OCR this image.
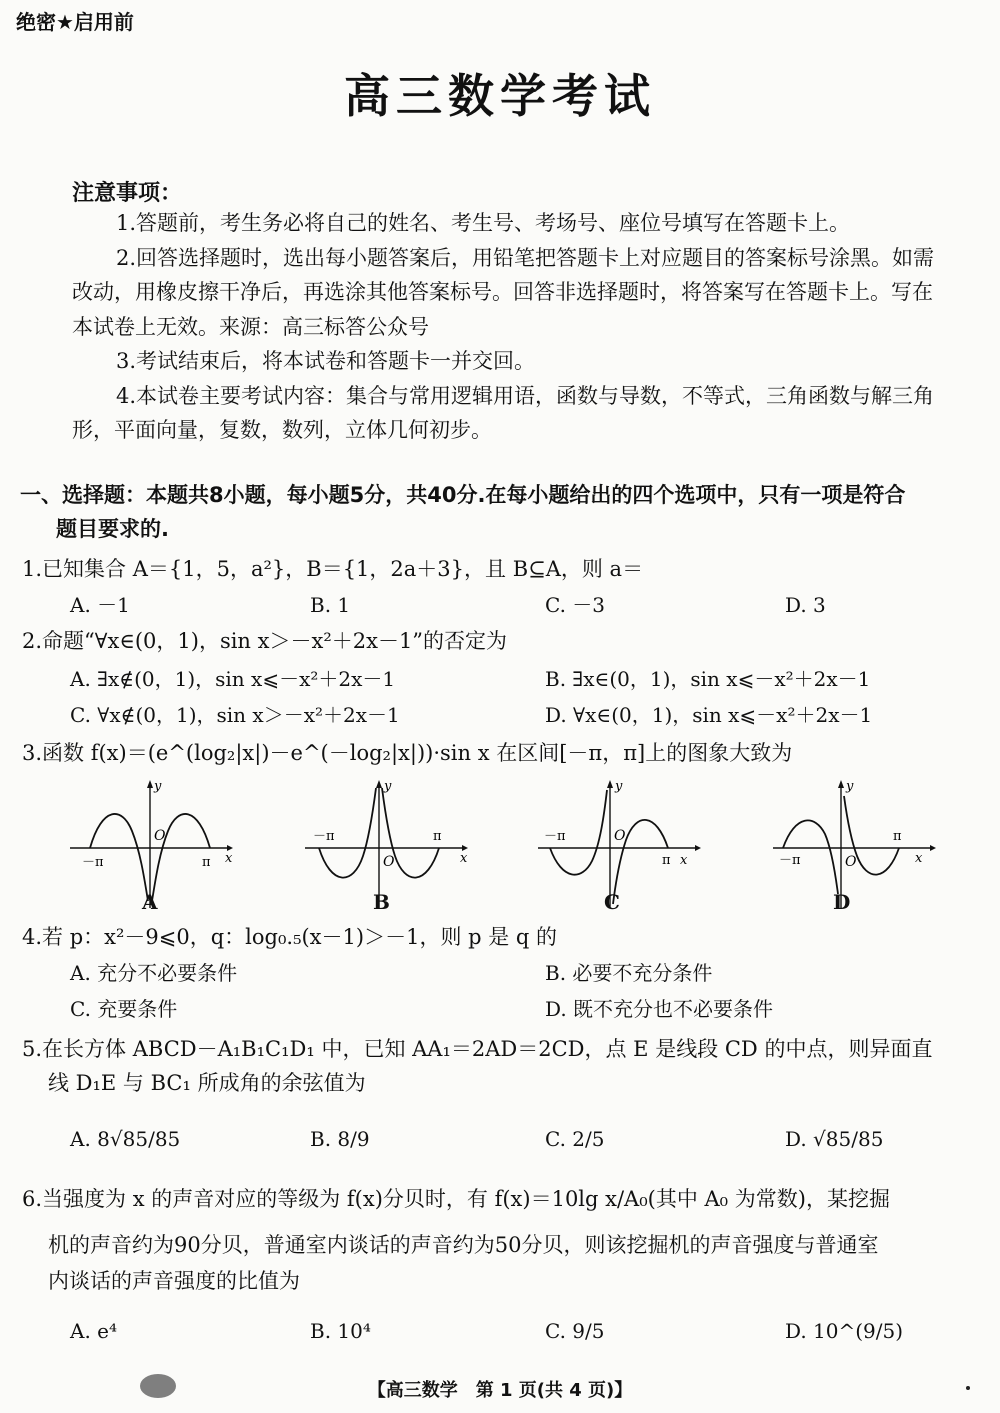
绝密★启用前
高三数学考试
注意事项：

1.答题前，考生务必将自己的姓名、考生号、考场号、座位号填写在答题卡上。

2.回答选择题时，选出每小题答案后，用铅笔把答题卡上对应题目的答案标号涂黑。如需改动，用橡皮擦干净后，再选涂其他答案标号。回答非选择题时，将答案写在答题卡上。写在本试卷上无效。来源：高三标答公众号

3.考试结束后，将本试卷和答题卡一并交回。

4.本试卷主要考试内容：集合与常用逻辑用语，函数与导数，不等式，三角函数与解三角形，平面向量，复数，数列，立体几何初步。

一、选择题：本题共8小题，每小题5分，共40分.在每小题给出的四个选项中，只有一项是符合
题目要求的.
1.已知集合 A＝{1，5，a²}，B＝{1，2a＋3}，且 B⊆A，则 a＝
A. －1	B. 1	C. －3	D. 3
2.命题“∀x∈(0，1)，sin x＞－x²＋2x－1”的否定为
A. ∃x∉(0，1)，sin x⩽－x²＋2x－1	B. ∃x∈(0，1)，sin x⩽－x²＋2x－1
C. ∀x∉(0，1)，sin x＞－x²＋2x－1	D. ∀x∈(0，1)，sin x⩽－x²＋2x－1
3.函数 f(x)＝(e^(log₂|x|)－e^(－log₂|x|))·sin x 在区间[－π，π]上的图象大致为
y
O
－π	π x
A
y
O
－π	π
x
B
y
O
－π
π x
C
y
O
－π
π
x
D
4.若 p：x²－9⩽0，q：log₀.₅(x－1)＞－1，则 p 是 q 的
A. 充分不必要条件	B. 必要不充分条件
C. 充要条件	D. 既不充分也不必要条件
5.在长方体 ABCD－A₁B₁C₁D₁ 中，已知 AA₁＝2AD＝2CD，点 E 是线段 CD 的中点，则异面直
线 D₁E 与 BC₁ 所成角的余弦值为
A. 8√85/85	B. 8/9	C. 2/5	D. √85/85
6.当强度为 x 的声音对应的等级为 f(x)分贝时，有 f(x)＝10lg x/A₀(其中 A₀ 为常数)，某挖掘
机的声音约为90分贝，普通室内谈话的声音约为50分贝，则该挖掘机的声音强度与普通室
内谈话的声音强度的比值为
A. e⁴	B. 10⁴	C. 9/5	D. 10^(9/5)
【高三数学　第 1 页(共 4 页)】
